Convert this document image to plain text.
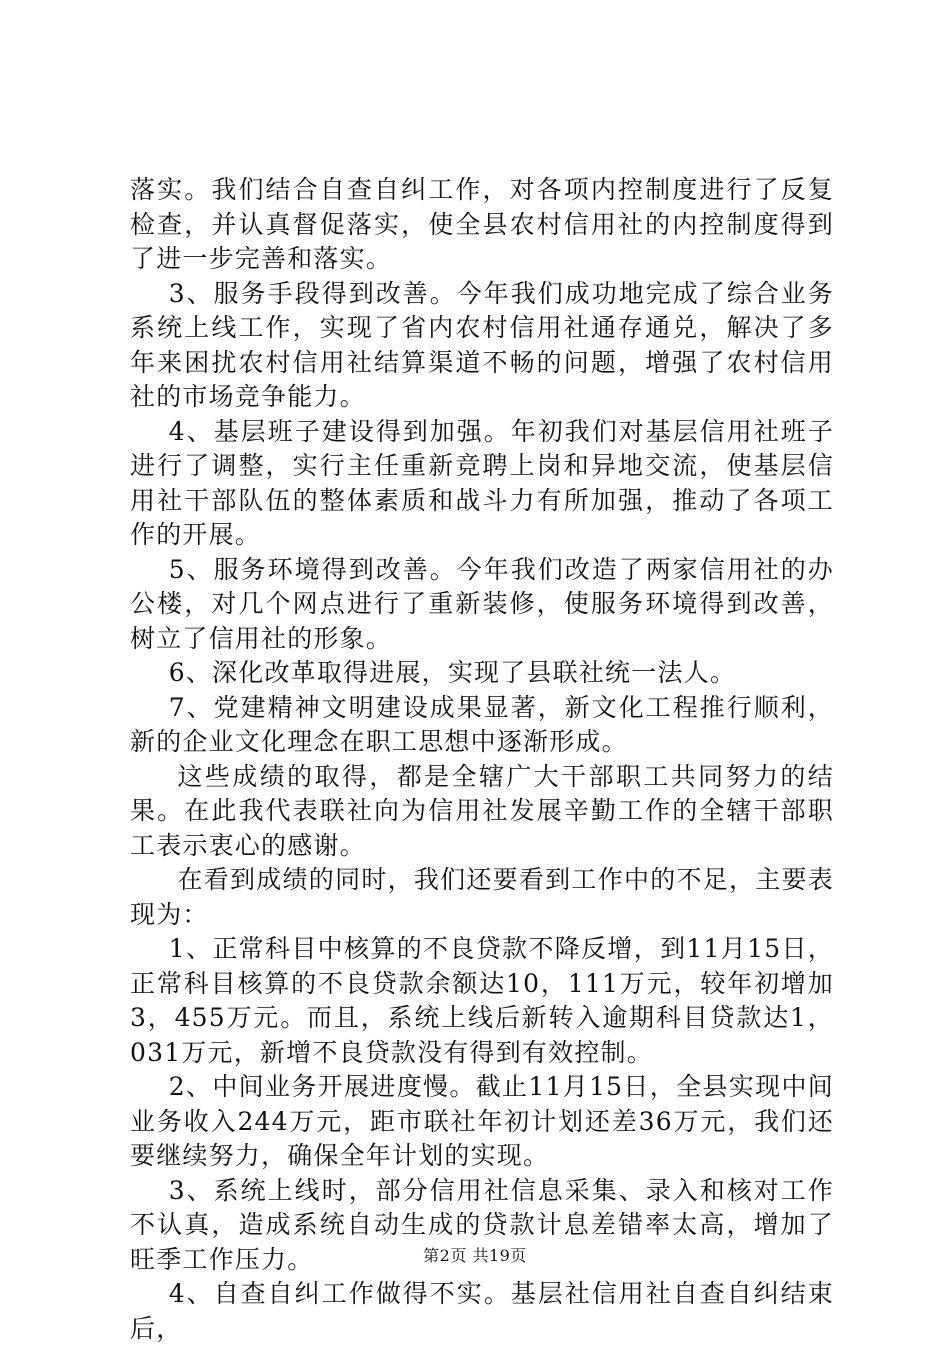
落实。我们结合自查自纠工作，对各项内控制度进行了反复检查，并认真督促落实，使全县农村信用社的内控制度得到了进一步完善和落实。

3、服务手段得到改善。今年我们成功地完成了综合业务系统上线工作，实现了省内农村信用社通存通兑，解决了多年来困扰农村信用社结算渠道不畅的问题，增强了农村信用社的市场竞争能力。

4、基层班子建设得到加强。年初我们对基层信用社班子进行了调整，实行主任重新竞聘上岗和异地交流，使基层信用社干部队伍的整体素质和战斗力有所加强，推动了各项工作的开展。

5、服务环境得到改善。今年我们改造了两家信用社的办公楼，对几个网点进行了重新装修，使服务环境得到改善，树立了信用社的形象。

6、深化改革取得进展，实现了县联社统一法人。

7、党建精神文明建设成果显著，新文化工程推行顺利，新的企业文化理念在职工思想中逐渐形成。

这些成绩的取得，都是全辖广大干部职工共同努力的结果。在此我代表联社向为信用社发展辛勤工作的全辖干部职工表示衷心的感谢。

在看到成绩的同时，我们还要看到工作中的不足，主要表现为：

1、正常科目中核算的不良贷款不降反增，到11月15日，正常科目核算的不良贷款余额达10，111万元，较年初增加3，455万元。而且，系统上线后新转入逾期科目贷款达1，031万元，新增不良贷款没有得到有效控制。

2、中间业务开展进度慢。截止11月15日，全县实现中间业务收入244万元，距市联社年初计划还差36万元，我们还要继续努力，确保全年计划的实现。

3、系统上线时，部分信用社信息采集、录入和核对工作不认真，造成系统自动生成的贷款计息差错率太高，增加了旺季工作压力。

4、自查自纠工作做得不实。基层社信用社自查自纠结束后，

第2页 共19页
